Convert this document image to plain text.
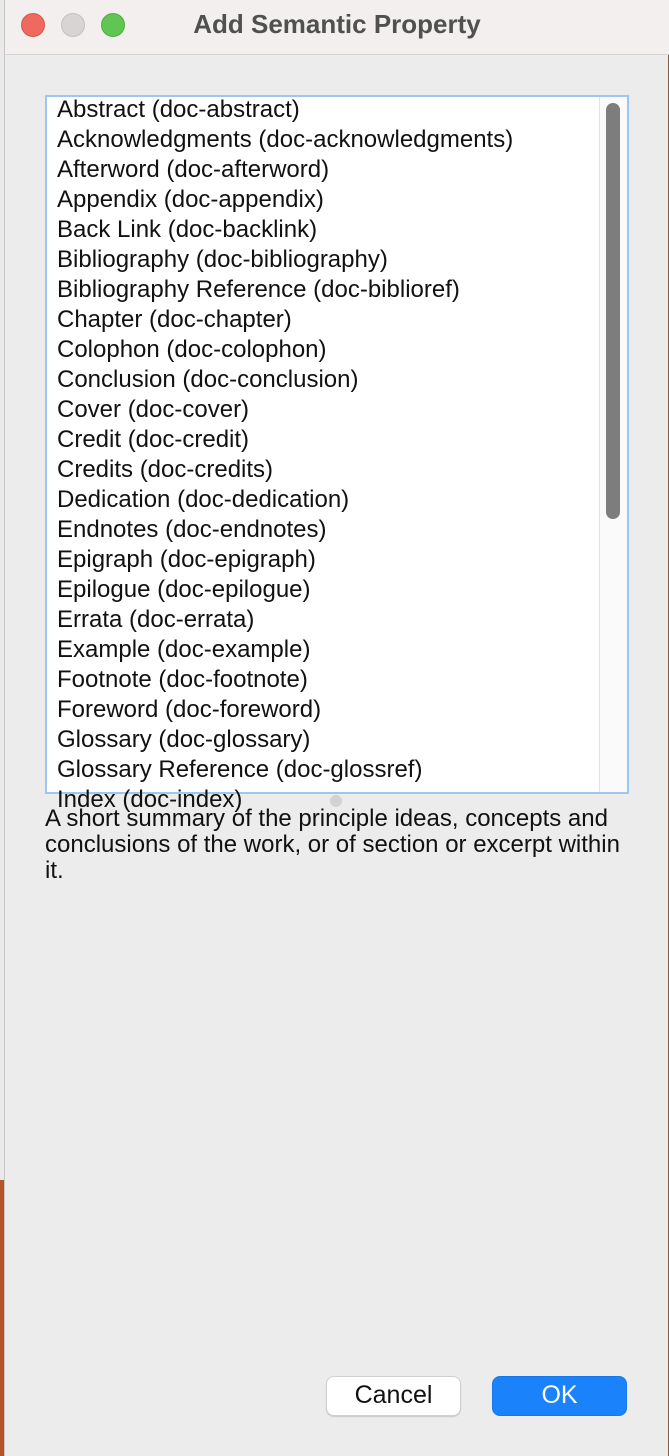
Add Semantic Property
Abstract (doc-abstract)
Acknowledgments (doc-acknowledgments)
Afterword (doc-afterword)
Appendix (doc-appendix)
Back Link (doc-backlink)
Bibliography (doc-bibliography)
Bibliography Reference (doc-biblioref)
Chapter (doc-chapter)
Colophon (doc-colophon)
Conclusion (doc-conclusion)
Cover (doc-cover)
Credit (doc-credit)
Credits (doc-credits)
Dedication (doc-dedication)
Endnotes (doc-endnotes)
Epigraph (doc-epigraph)
Epilogue (doc-epilogue)
Errata (doc-errata)
Example (doc-example)
Footnote (doc-footnote)
Foreword (doc-foreword)
Glossary (doc-glossary)
Glossary Reference (doc-glossref)
Index (doc-index)
A short summary of the principle ideas, concepts and conclusions of the work, or of section or excerpt within it.
Cancel	OK
